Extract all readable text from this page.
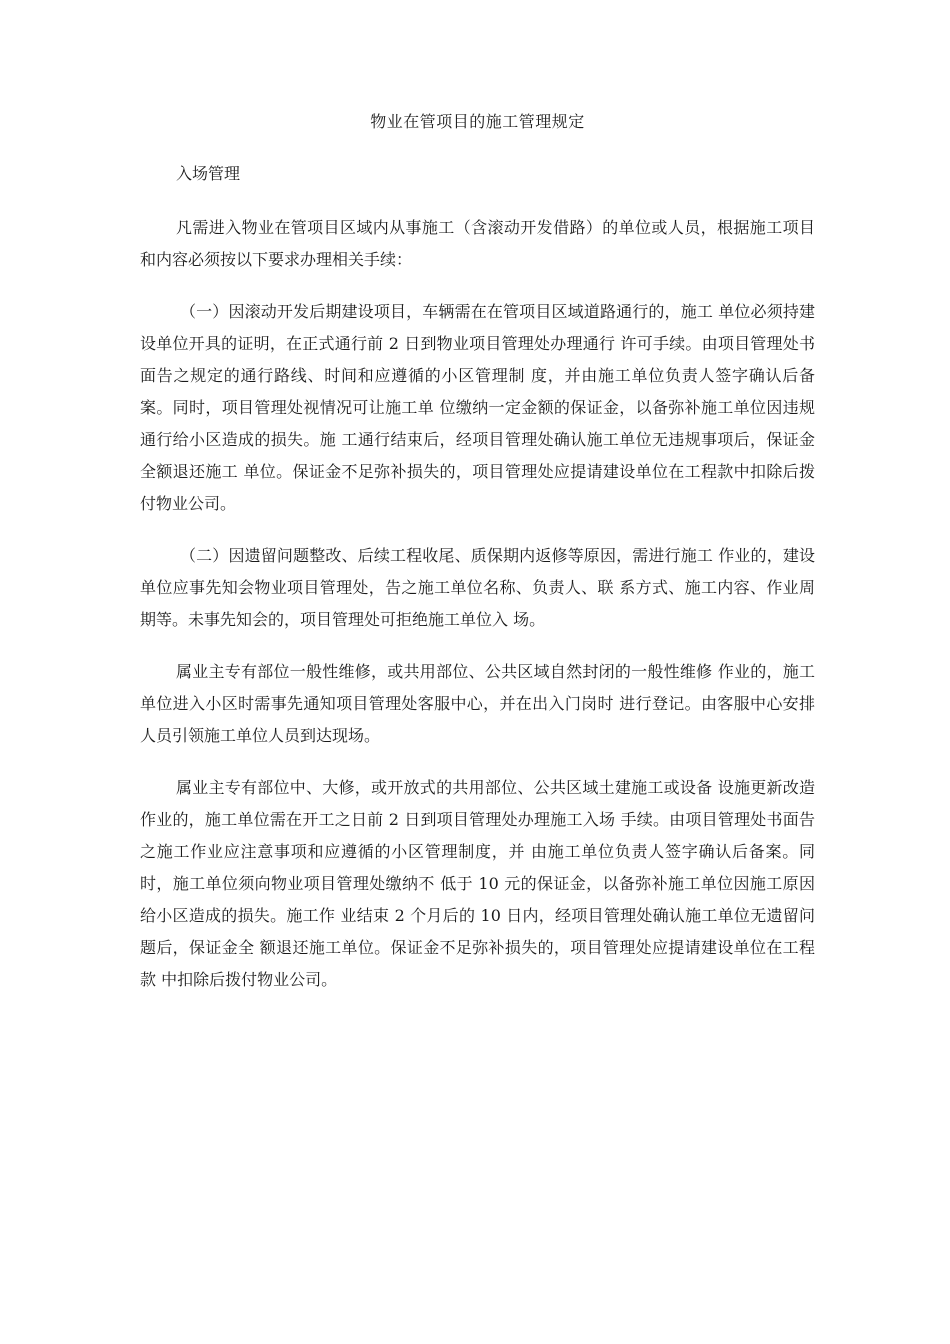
物业在管项目的施工管理规定
入场管理

凡需进入物业在管项目区域内从事施工（含滚动开发借路）的单位或人员，根据施工项目和内容必须按以下要求办理相关手续：

（一）因滚动开发后期建设项目，车辆需在在管项目区域道路通行的，施工 单位必须持建设单位开具的证明，在正式通行前 2 日到物业项目管理处办理通行 许可手续。由项目管理处书面告之规定的通行路线、时间和应遵循的小区管理制 度，并由施工单位负责人签字确认后备案。同时，项目管理处视情况可让施工单 位缴纳一定金额的保证金，以备弥补施工单位因违规通行给小区造成的损失。施 工通行结束后，经项目管理处确认施工单位无违规事项后，保证金全额退还施工 单位。保证金不足弥补损失的，项目管理处应提请建设单位在工程款中扣除后拨 付物业公司。

（二）因遗留问题整改、后续工程收尾、质保期内返修等原因，需进行施工 作业的，建设单位应事先知会物业项目管理处，告之施工单位名称、负责人、联 系方式、施工内容、作业周期等。未事先知会的，项目管理处可拒绝施工单位入 场。

属业主专有部位一般性维修，或共用部位、公共区域自然封闭的一般性维修 作业的，施工单位进入小区时需事先通知项目管理处客服中心，并在出入门岗时 进行登记。由客服中心安排人员引领施工单位人员到达现场。

属业主专有部位中、大修，或开放式的共用部位、公共区域土建施工或设备 设施更新改造作业的，施工单位需在开工之日前 2 日到项目管理处办理施工入场 手续。由项目管理处书面告之施工作业应注意事项和应遵循的小区管理制度，并 由施工单位负责人签字确认后备案。同时，施工单位须向物业项目管理处缴纳不 低于 10 元的保证金，以备弥补施工单位因施工原因给小区造成的损失。施工作 业结束 2 个月后的 10 日内，经项目管理处确认施工单位无遗留问题后，保证金全 额退还施工单位。保证金不足弥补损失的，项目管理处应提请建设单位在工程款 中扣除后拨付物业公司。
